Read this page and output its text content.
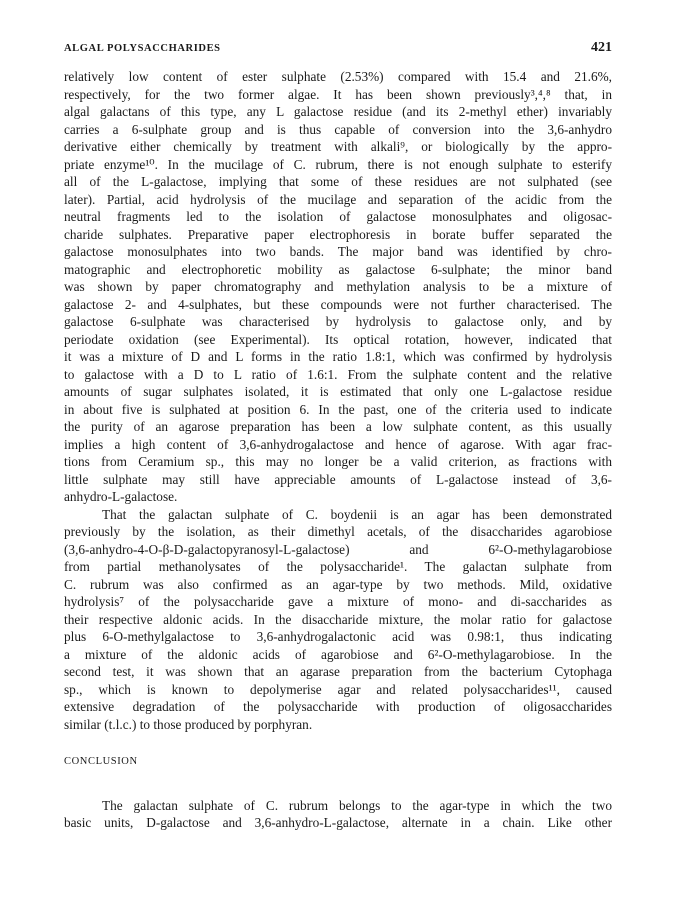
ALGAL POLYSACCHARIDES	421
relatively low content of ester sulphate (2.53%) compared with 15.4 and 21.6%,
respectively, for the two former algae. It has been shown previously³,⁴,⁸ that, in
algal galactans of this type, any L galactose residue (and its 2-methyl ether) invariably
carries a 6-sulphate group and is thus capable of conversion into the 3,6-anhydro
derivative either chemically by treatment with alkali⁹, or biologically by the appro-
priate enzyme¹⁰. In the mucilage of C. rubrum, there is not enough sulphate to esterify
all of the L-galactose, implying that some of these residues are not sulphated (see
later). Partial, acid hydrolysis of the mucilage and separation of the acidic from the
neutral fragments led to the isolation of galactose monosulphates and oligosac-
charide sulphates. Preparative paper electrophoresis in borate buffer separated the
galactose monosulphates into two bands. The major band was identified by chro-
matographic and electrophoretic mobility as galactose 6-sulphate; the minor band
was shown by paper chromatography and methylation analysis to be a mixture of
galactose 2- and 4-sulphates, but these compounds were not further characterised. The
galactose 6-sulphate was characterised by hydrolysis to galactose only, and by
periodate oxidation (see Experimental). Its optical rotation, however, indicated that
it was a mixture of D and L forms in the ratio 1.8:1, which was confirmed by hydrolysis
to galactose with a D to L ratio of 1.6:1. From the sulphate content and the relative
amounts of sugar sulphates isolated, it is estimated that only one L-galactose residue
in about five is sulphated at position 6. In the past, one of the criteria used to indicate
the purity of an agarose preparation has been a low sulphate content, as this usually
implies a high content of 3,6-anhydrogalactose and hence of agarose. With agar frac-
tions from Ceramium sp., this may no longer be a valid criterion, as fractions with
little sulphate may still have appreciable amounts of L-galactose instead of 3,6-
anhydro-L-galactose.
That the galactan sulphate of C. boydenii is an agar has been demonstrated
previously by the isolation, as their dimethyl acetals, of the disaccharides agarobiose
(3,6-anhydro-4-O-β-D-galactopyranosyl-L-galactose) and 6²-O-methylagarobiose
from partial methanolysates of the polysaccharide¹. The galactan sulphate from
C. rubrum was also confirmed as an agar-type by two methods. Mild, oxidative
hydrolysis⁷ of the polysaccharide gave a mixture of mono- and di-saccharides as
their respective aldonic acids. In the disaccharide mixture, the molar ratio for galactose
plus 6-O-methylgalactose to 3,6-anhydrogalactonic acid was 0.98:1, thus indicating
a mixture of the aldonic acids of agarobiose and 6²-O-methylagarobiose. In the
second test, it was shown that an agarase preparation from the bacterium Cytophaga
sp., which is known to depolymerise agar and related polysaccharides¹¹, caused
extensive degradation of the polysaccharide with production of oligosaccharides
similar (t.l.c.) to those produced by porphyran.
CONCLUSION
The galactan sulphate of C. rubrum belongs to the agar-type in which the two
basic units, D-galactose and 3,6-anhydro-L-galactose, alternate in a chain. Like other
